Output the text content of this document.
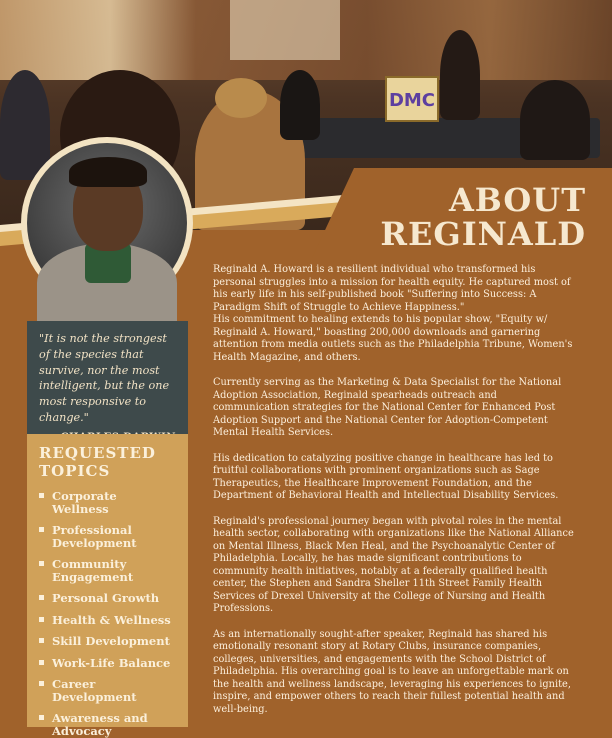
DMC
ABOUT
REGINALD

"It is not the strongest of the species that survive, nor the most intelligent, but the one most responsive to change."

REQUESTED
TOPICS
Corporate Wellness
Professional Development
Community Engagement
Personal Growth
Health & Wellness
Skill Development
Work-Life Balance
Career Development
Awareness and Advocacy

Reginald A. Howard is a resilient individual who transformed his personal struggles into a mission for health equity. He captured most of his early life in his self-published book "Suffering into Success: A Paradigm Shift of Struggle to Achieve Happiness."

His commitment to healing extends to his popular show, "Equity w/ Reginald A. Howard," boasting 200,000 downloads and garnering attention from media outlets such as the Philadelphia Tribune, Women's Health Magazine, and others.

Currently serving as the Marketing & Data Specialist for the National Adoption Association, Reginald spearheads outreach and communication strategies for the National Center for Enhanced Post Adoption Support and the National Center for Adoption-Competent Mental Health Services.

His dedication to catalyzing positive change in healthcare has led to fruitful collaborations with prominent organizations such as Sage Therapeutics, the Healthcare Improvement Foundation, and the Department of Behavioral Health and Intellectual Disability Services.

Reginald's professional journey began with pivotal roles in the mental health sector, collaborating with organizations like the National Alliance on Mental Illness, Black Men Heal, and the Psychoanalytic Center of Philadelphia. Locally, he has made significant contributions to community health initiatives, notably at a federally qualified health center, the Stephen and Sandra Sheller 11th Street Family Health Services of Drexel University at the College of Nursing and Health Professions.

As an internationally sought-after speaker, Reginald has shared his emotionally resonant story at Rotary Clubs, insurance companies, colleges, universities, and engagements with the School District of Philadelphia. His overarching goal is to leave an unforgettable mark on the health and wellness landscape, leveraging his experiences to ignite, inspire, and empower others to reach their fullest potential health and well-being.
